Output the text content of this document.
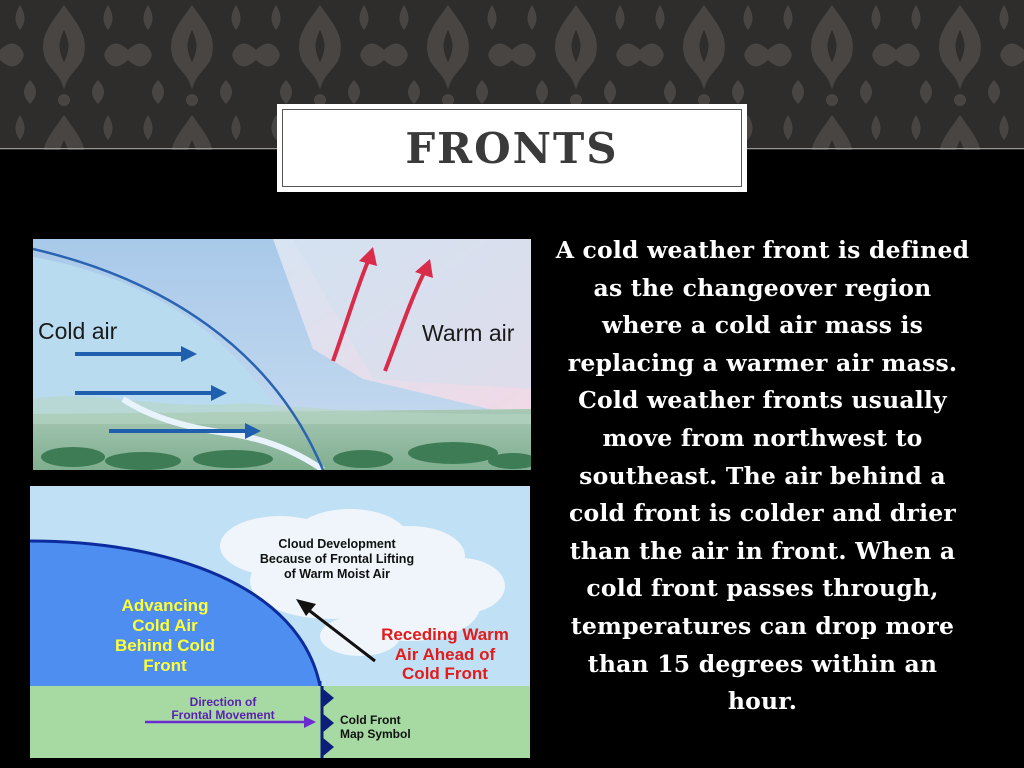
FRONTS
Cold air	Warm air
Cloud Development
Because of Frontal Lifting
of Warm Moist Air
Advancing
Cold Air
Behind Cold
Front
Receding Warm
Air Ahead of
Cold Front
Direction of
Frontal Movement	Cold Front
Map Symbol
A cold weather front is defined as the changeover region where a cold air mass is replacing a warmer air mass. Cold weather fronts usually move from northwest to southeast. The air behind a cold front is colder and drier than the air in front. When a cold front passes through, temperatures can drop more than 15 degrees within an hour.
